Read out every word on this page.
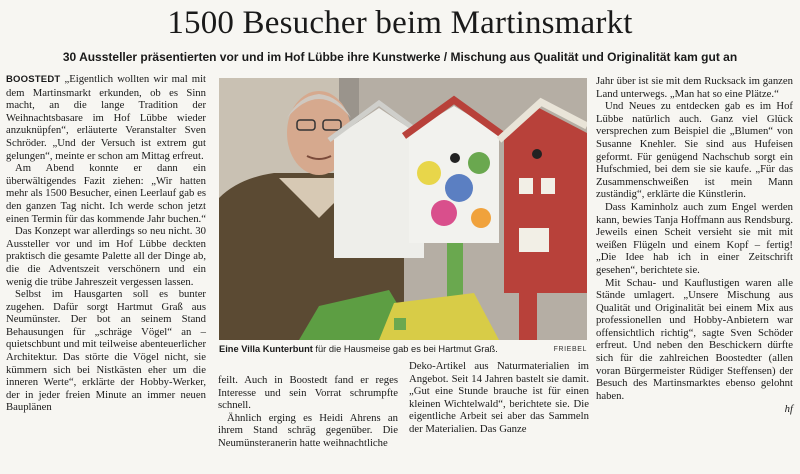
1500 Besucher beim Martinsmarkt
30 Aussteller präsentierten vor und im Hof Lübbe ihre Kunstwerke / Mischung aus Qualität und Originalität kam gut an

BOOSTEDT „Eigentlich wollten wir mal mit dem Martinsmarkt erkunden, ob es Sinn macht, an die lange Tradition der Weihnachtsbasare im Hof Lübbe wieder anzuknüpfen“, erläuterte Veranstalter Sven Schröder. „Und der Versuch ist extrem gut gelungen“, meinte er schon am Mittag erfreut.

Am Abend konnte er dann ein überwältigendes Fazit ziehen: „Wir hatten mehr als 1500 Besucher, einen Leerlauf gab es den ganzen Tag nicht. Ich werde schon jetzt einen Termin für das kommende Jahr buchen.“

Das Konzept war allerdings so neu nicht. 30 Aussteller vor und im Hof Lübbe deckten praktisch die gesamte Palette all der Dinge ab, die die Adventszeit verschönern und ein wenig die trübe Jahreszeit vergessen lassen.

Selbst im Hausgarten soll es bunter zugehen. Dafür sorgt Hartmut Graß aus Neumünster. Der bot an seinem Stand Behausungen für „schräge Vögel“ an – quietschbunt und mit teilweise abenteuerlicher Architektur. Das störte die Vögel nicht, sie kümmern sich bei Nistkästen eher um die inneren Werte“, erklärte der Hobby-Werker, der in jeder freien Minute an immer neuen Bauplänen

Eine Villa Kunterbunt für die Hausmeise gab es bei Hartmut Graß.	FRIEBEL

feilt. Auch in Boostedt fand er reges Interesse und sein Vorrat schrumpfte schnell.

Ähnlich erging es Heidi Ahrens an ihrem Stand schräg gegenüber. Die Neumünsteranerin hatte weihnachtliche

Deko-Artikel aus Naturmaterialien im Angebot. Seit 14 Jahren bastelt sie damit. „Gut eine Stunde brauche ist für einen kleinen Wichtelwald“, berichtete sie. Die eigentliche Arbeit sei aber das Sammeln der Materialien. Das Ganze

Jahr über ist sie mit dem Rucksack im ganzen Land unterwegs. „Man hat so eine Plätze.“

Und Neues zu entdecken gab es im Hof Lübbe natürlich auch. Ganz viel Glück versprechen zum Beispiel die „Blumen“ von Susanne Knehler. Sie sind aus Hufeisen geformt. Für genügend Nachschub sorgt ein Hufschmied, bei dem sie sie kaufe. „Für das Zusammenschweißen ist mein Mann zuständig“, erklärte die Künstlerin.

Dass Kaminholz auch zum Engel werden kann, bewies Tanja Hoffmann aus Rendsburg. Jeweils einen Scheit versieht sie mit mit weißen Flügeln und einem Kopf – fertig! „Die Idee hab ich in einer Zeitschrift gesehen“, berichtete sie.

Mit Schau- und Kauflustigen waren alle Stände umlagert. „Unsere Mischung aus Qualität und Originalität bei einem Mix aus professionellen und Hobby-Anbietern war offensichtlich richtig“, sagte Sven Schöder erfreut. Und neben den Beschickern dürfte sich für die zahlreichen Boostedter (allen voran Bürgermeister Rüdiger Steffensen) der Besuch des Martinsmarktes ebenso gelohnt haben.

hf
